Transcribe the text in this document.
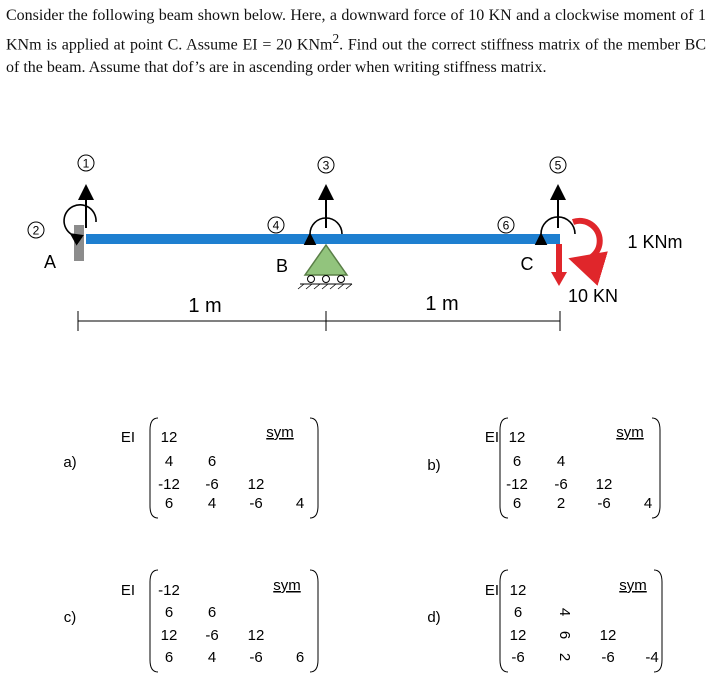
Consider the following beam shown below. Here, a downward force of 10 KN and a clockwise moment of 1 KNm is applied at point C. Assume EI = 20 KNm$^2$. Find out the correct stiffness matrix of the member BC of the beam. Assume that dof’s are in ascending order when writing stiffness matrix.
1
2
3
4
5
6
A	B	C
1 KNm
10 KN
1 m	1 m
a)
EI	sym
12
4 6
-12 -6 12
6 4 -6 4
b)
EI	sym
12
6 4
-12 -6 12
6 2 -6 4
c)
EI	sym
-12
6 6
12 -6 12
6 4 -6 6
d)
EI	sym
12
6 4
12 6 12
-6 2 -6 -4
